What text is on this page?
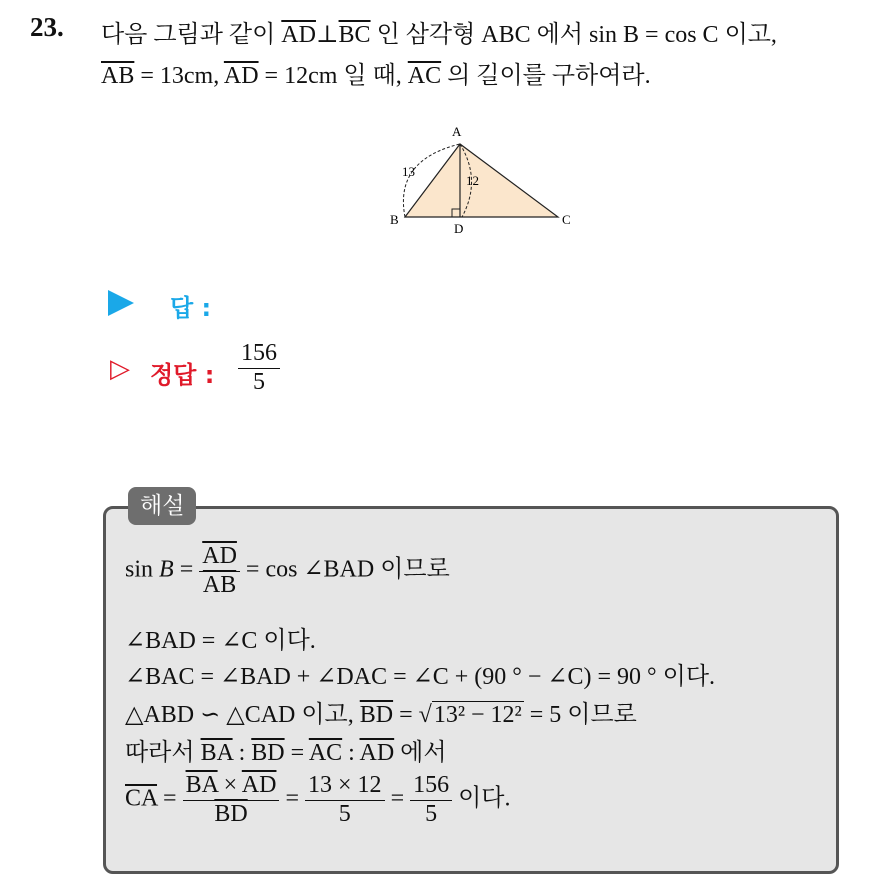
23. 다음 그림과 같이 $\overline{AD}\perp\overline{BC}$ 인 삼각형 ABC 에서 sin B = cos C 이고,
$\overline{AB} = 13cm$, $\overline{AD} = 12cm$ 일 때, $\overline{AC}$ 의 길이를 구하여라.
A
B	C
D
13
12
답 :
▷ 정답 : $\frac{156}{5}$
해설
$\sin B = \frac{\overline{AD}}{AB} = \cos$ ∠BAD 이므로
∠BAD = ∠C 이다.
∠BAC = ∠BAD + ∠DAC = ∠C + (90 ° − ∠C) = 90 ° 이다.
△ABD ∽ △CAD 이고, $\overline{BD} = √13^2 - 12^2 = 5$ 이므로
따라서 $\overline{BA}$ : $\overline{BD} = \overline{AC}$ : $\overline{AD}$ 에서
$\overline{CA} = \frac{\overline{BA} \times \overline{AD}}{BD} = \frac{13 \times 12}{5} = \frac{156}{5}$ 이다.
